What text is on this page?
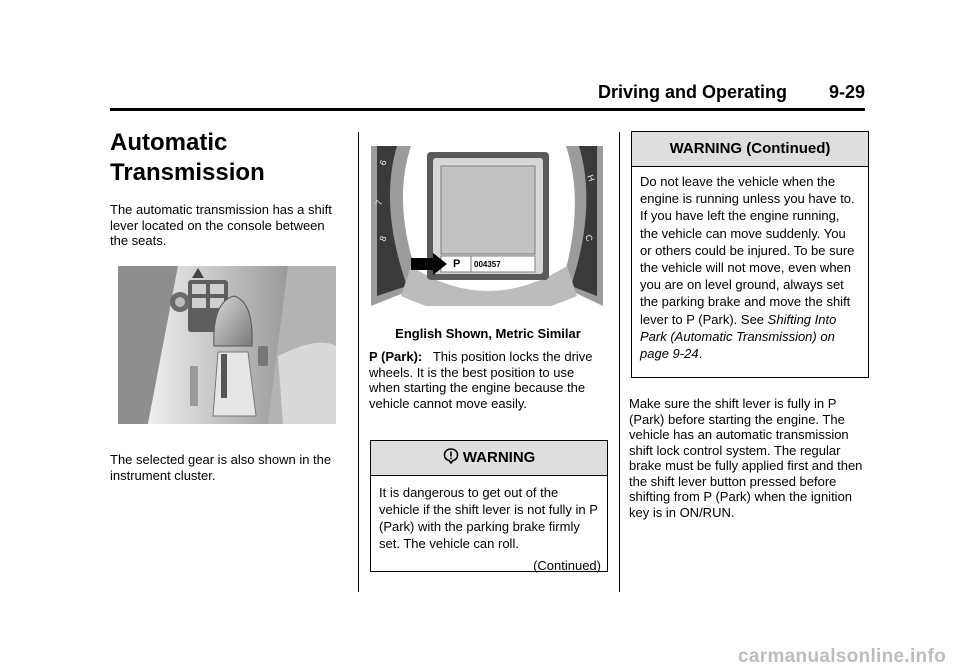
Driving and Operating 9-29
Automatic
Transmission

The automatic transmission has a shift lever located on the console between the seats.

The selected gear is also shown in the instrument cluster.

6
7
8
H
C
P 004357
English Shown, Metric Similar

P (Park): This position locks the drive wheels. It is the best position to use when starting the engine because the vehicle cannot move easily.

WARNING
It is dangerous to get out of the vehicle if the shift lever is not fully in P (Park) with the parking brake firmly set. The vehicle can roll.
(Continued)
WARNING (Continued)
Do not leave the vehicle when the engine is running unless you have to. If you have left the engine running, the vehicle can move suddenly. You or others could be injured. To be sure the vehicle will not move, even when you are on level ground, always set the parking brake and move the shift lever to P (Park). See Shifting Into Park (Automatic Transmission) on page 9‑24.

Make sure the shift lever is fully in P (Park) before starting the engine. The vehicle has an automatic transmission shift lock control system. The regular brake must be fully applied first and then the shift lever button pressed before shifting from P (Park) when the ignition key is in ON/RUN.

carmanualsonline.info
